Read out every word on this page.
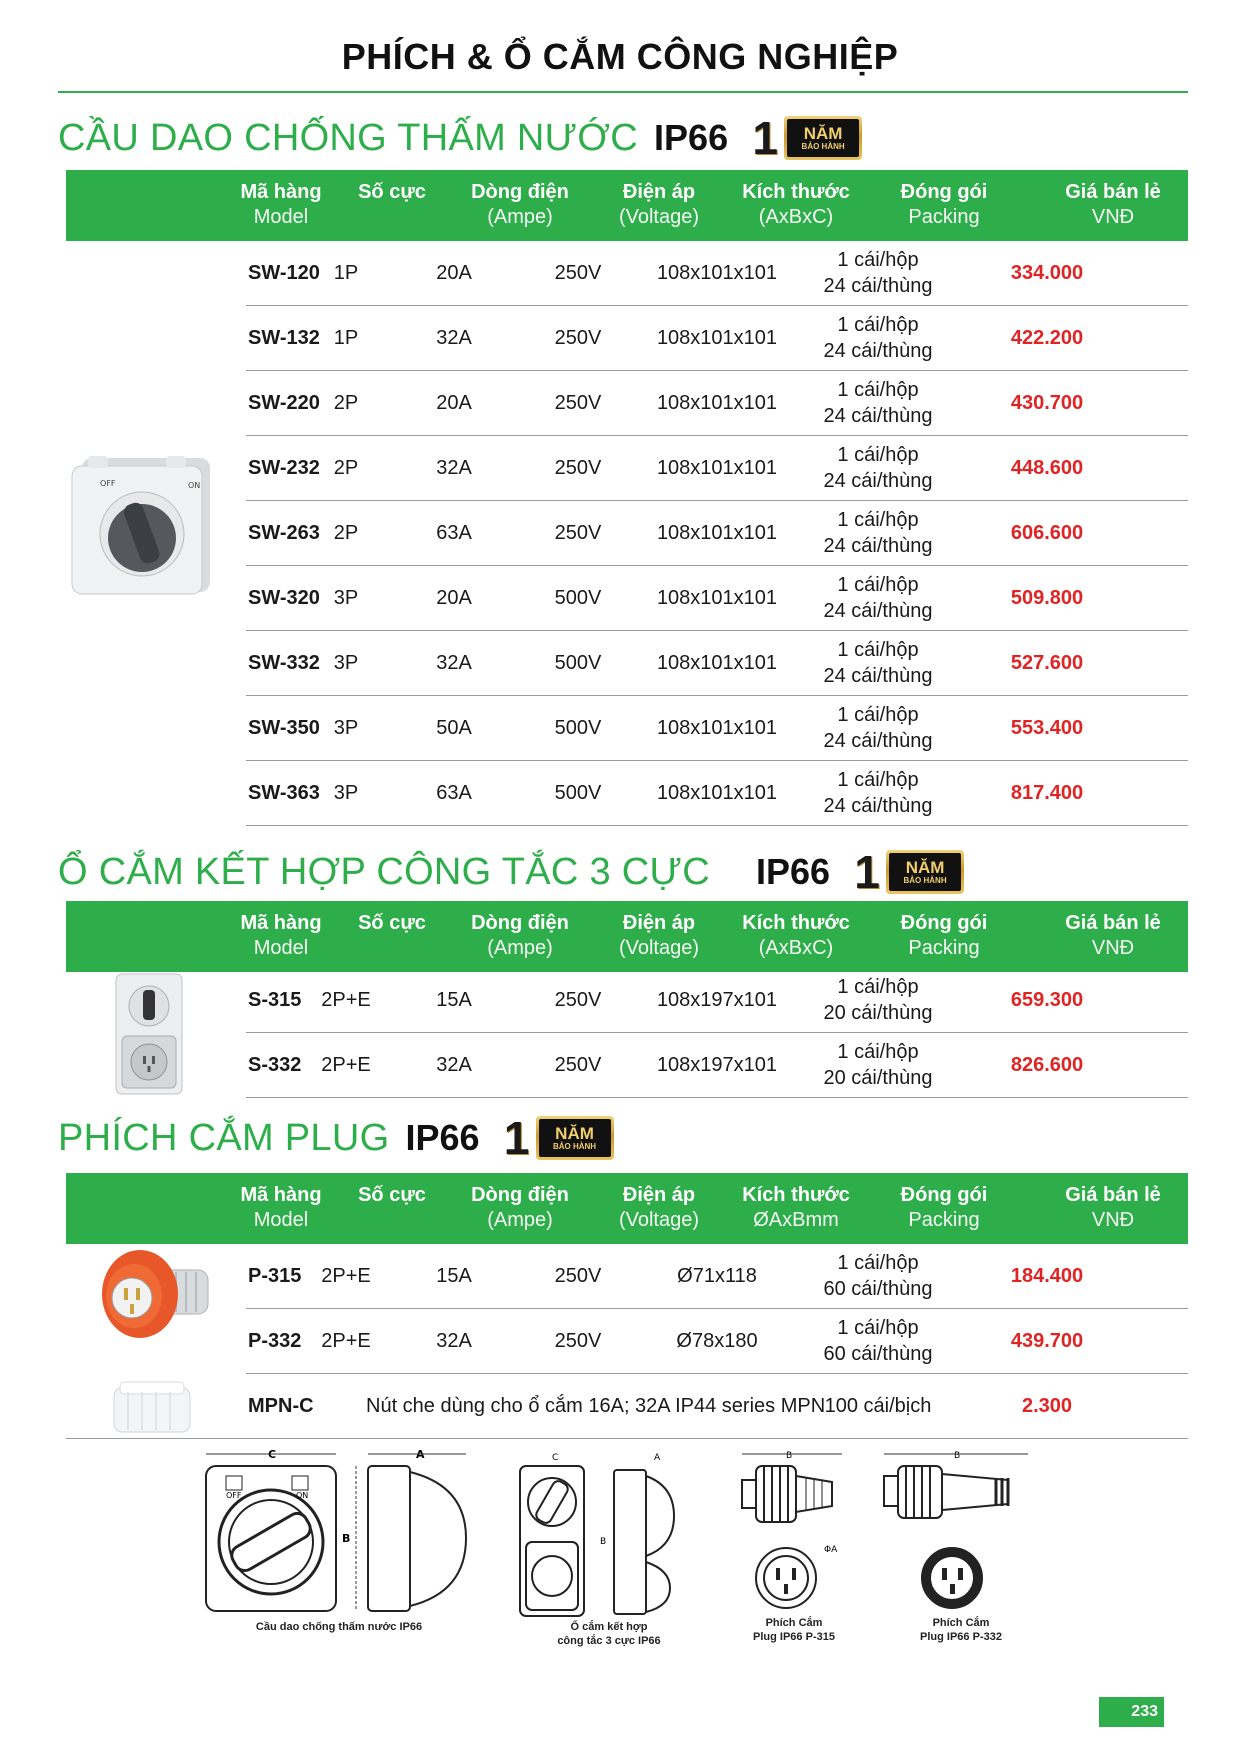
PHÍCH & Ổ CẮM CÔNG NGHIỆP
CẦU DAO CHỐNG THẤM NƯỚC IP66 1 NĂM
BẢO HÀNH
Mã hàng
Model
Số cực	Dòng điện
(Ampe)
Điện áp
(Voltage)
Kích thước
(AxBxC)
Đóng gói
Packing
Giá bán lẻ
VNĐ
SW-120 1P	20A	250V	108x101x101
1 cái/hộp
24 cái/thùng
334.000
SW-132 1P	32A	250V	108x101x101
1 cái/hộp
24 cái/thùng
422.200
SW-220 2P	20A	250V	108x101x101
1 cái/hộp
24 cái/thùng
430.700
SW-232 2P	32A	250V	108x101x101
1 cái/hộp
24 cái/thùng
448.600
SW-263 2P	63A	250V	108x101x101
1 cái/hộp
24 cái/thùng
606.600
SW-320 3P	20A	500V	108x101x101
1 cái/hộp
24 cái/thùng
509.800
SW-332 3P	32A	500V	108x101x101
1 cái/hộp
24 cái/thùng
527.600
SW-350 3P	50A	500V	108x101x101
1 cái/hộp
24 cái/thùng
553.400
SW-363 3P	63A	500V	108x101x101
1 cái/hộp
24 cái/thùng
817.400
OFF	ON
Ổ CẮM KẾT HỢP CÔNG TẮC 3 CỰC IP66 1 NĂM
BẢO HÀNH
Mã hàng
Model
Số cực	Dòng điện
(Ampe)
Điện áp
(Voltage)
Kích thước
(AxBxC)
Đóng gói
Packing
Giá bán lẻ
VNĐ
S-315 2P+E	15A	250V	108x197x101
1 cái/hộp
20 cái/thùng
659.300
S-332 2P+E	32A	250V	108x197x101
1 cái/hộp
20 cái/thùng
826.600
PHÍCH CẮM PLUG IP66 1 NĂM
BẢO HÀNH
Mã hàng
Model
Số cực	Dòng điện
(Ampe)
Điện áp
(Voltage)
Kích thước
ØAxBmm
Đóng gói
Packing
Giá bán lẻ
VNĐ
P-315 2P+E	15A	250V	Ø71x118
1 cái/hộp
60 cái/thùng
184.400
P-332 2P+E	32A	250V	Ø78x180
1 cái/hộp
60 cái/thùng
439.700
MPN-C	Nút che dùng cho ổ cắm 16A; 32A IP44 series MPN 100 cái/bịch	2.300
C
OFF	ON
B
A	C
B
A	B
ΦA
B
Cầu dao chống thấm nước IP66	Ổ cắm kết hợp
công tắc 3 cực IP66
Phích Cắm
Plug IP66 P-315
Phích Cắm
Plug IP66 P-332
233
